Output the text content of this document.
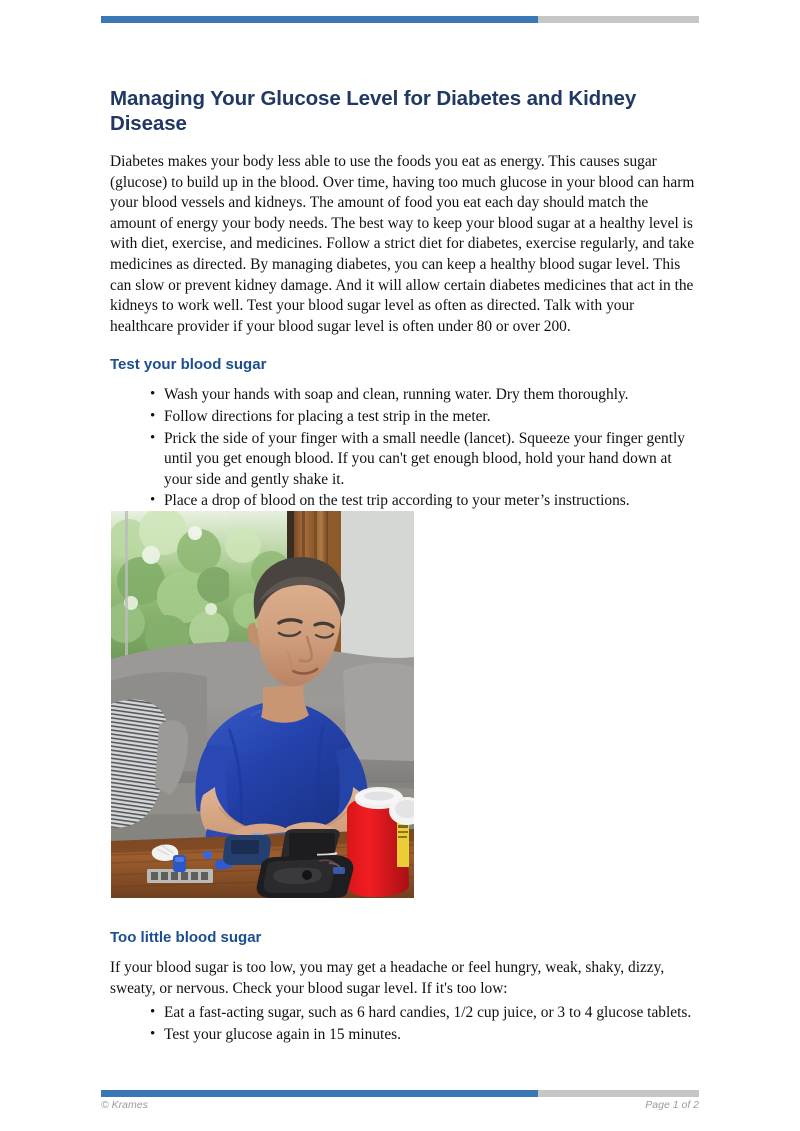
Managing Your Glucose Level for Diabetes and Kidney Disease

Diabetes makes your body less able to use the foods you eat as energy. This causes sugar (glucose) to build up in the blood. Over time, having too much glucose in your blood can harm your blood vessels and kidneys. The amount of food you eat each day should match the amount of energy your body needs. The best way to keep your blood sugar at a healthy level is with diet, exercise, and medicines. Follow a strict diet for diabetes, exercise regularly, and take medicines as directed. By managing diabetes, you can keep a healthy blood sugar level. This can slow or prevent kidney damage. And it will allow certain diabetes medicines that act in the kidneys to work well. Test your blood sugar level as often as directed. Talk with your healthcare provider if your blood sugar level is often under 80 or over 200.

Test your blood sugar
• Wash your hands with soap and clean, running water. Dry them thoroughly.
• Follow directions for placing a test strip in the meter.
• Prick the side of your finger with a small needle (lancet). Squeeze your finger gently until you get enough blood. If you can't get enough blood, hold your hand down at your side and gently shake it.
• Place a drop of blood on the test trip according to your meter’s instructions.
•
Too little blood sugar

If your blood sugar is too low, you may get a headache or feel hungry, weak, shaky, dizzy, sweaty, or nervous. Check your blood sugar level. If it's too low:

• Eat a fast-acting sugar, such as 6 hard candies, 1/2 cup juice, or 3 to 4 glucose tablets.
• Test your glucose again in 15 minutes.
© Krames	Page 1 of 2
